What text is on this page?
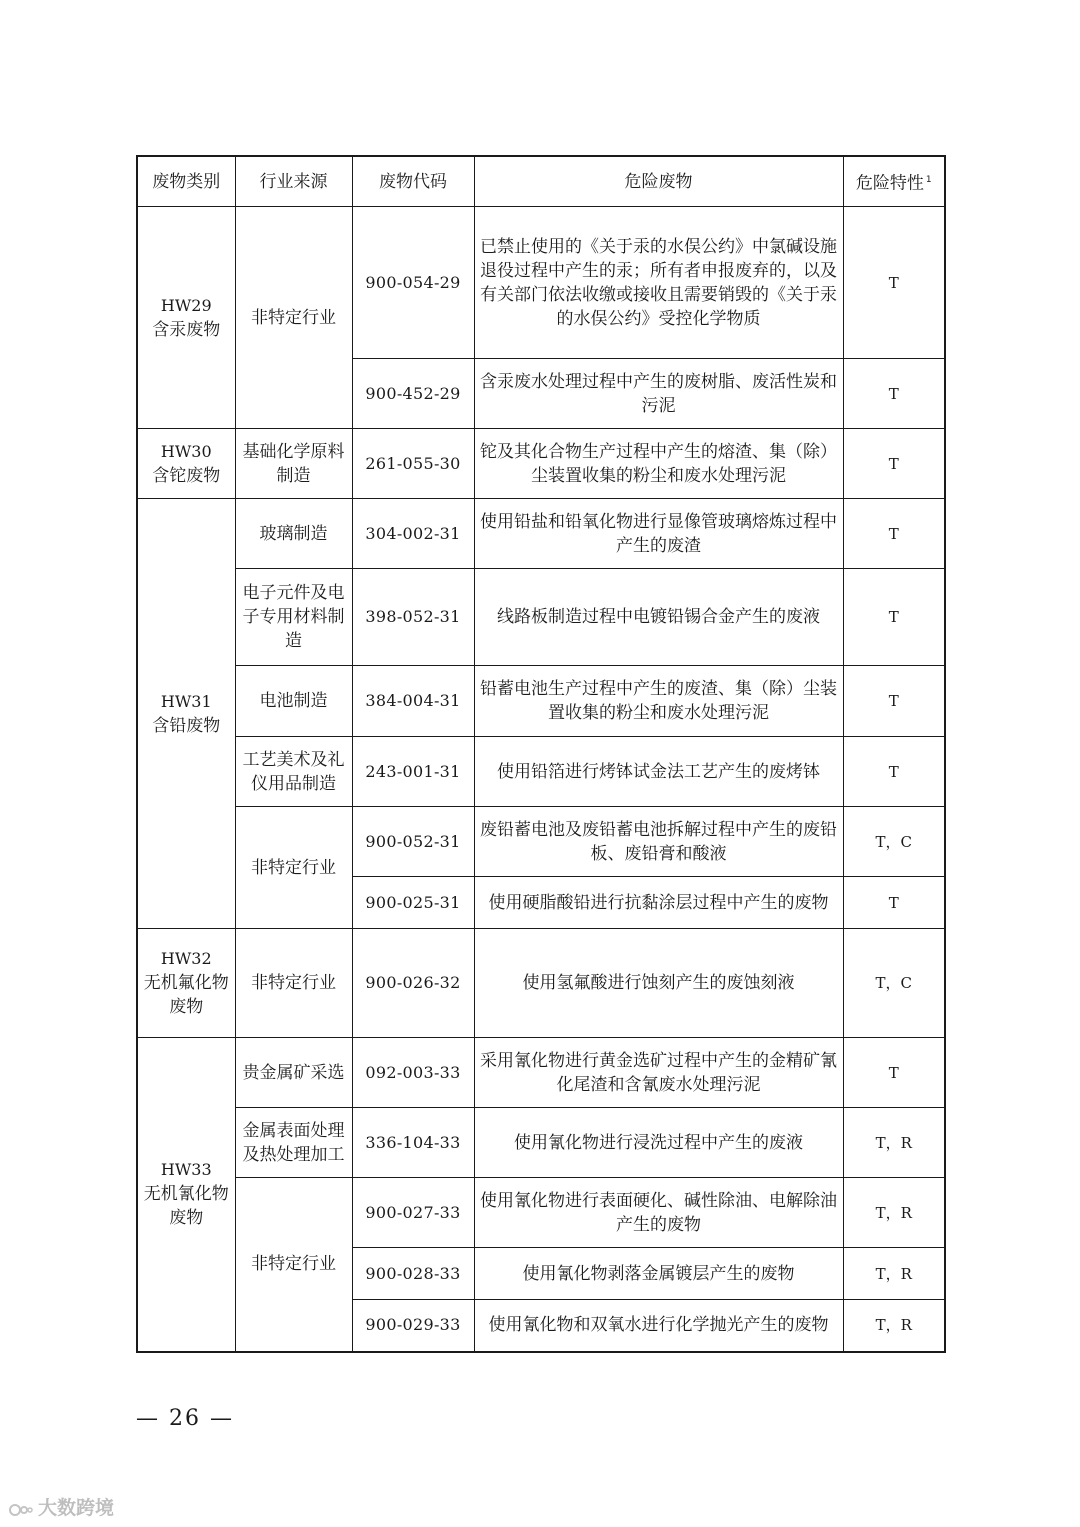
废物类别	行业来源	废物代码	危险废物	危险特性 $^1$

HW29
含汞废物	非特定行业	900-054-29	已禁止使用的《关于汞的水俣公约》中氯碱设施退役过程中产生的汞；所有者申报废弃的，以及有关部门依法收缴或接收且需要销毁的《关于汞的水俣公约》受控化学物质	T
		900-452-29	含汞废水处理过程中产生的废树脂、废活性炭和污泥	T

HW30
含铊废物	基础化学原料制造	261-055-30	铊及其化合物生产过程中产生的熔渣、集（除）尘装置收集的粉尘和废水处理污泥	T

HW31
含铅废物	玻璃制造	304-002-31	使用铅盐和铅氧化物进行显像管玻璃熔炼过程中产生的废渣	T
	电子元件及电子专用材料制造	398-052-31	线路板制造过程中电镀铅锡合金产生的废液	T
	电池制造	384-004-31	铅蓄电池生产过程中产生的废渣、集（除）尘装置收集的粉尘和废水处理污泥	T
	工艺美术及礼仪用品制造	243-001-31	使用铅箔进行烤钵试金法工艺产生的废烤钵	T
	非特定行业	900-052-31	废铅蓄电池及废铅蓄电池拆解过程中产生的废铅板、废铅膏和酸液	T，C
		900-025-31	使用硬脂酸铅进行抗黏涂层过程中产生的废物	T

HW32
无机氟化物废物	非特定行业	900-026-32	使用氢氟酸进行蚀刻产生的废蚀刻液	T，C

HW33
无机氰化物废物	贵金属矿采选	092-003-33	采用氰化物进行黄金选矿过程中产生的金精矿氰化尾渣和含氰废水处理污泥	T
	金属表面处理及热处理加工	336-104-33	使用氰化物进行浸洗过程中产生的废液	T，R
	非特定行业	900-027-33	使用氰化物进行表面硬化、碱性除油、电解除油产生的废物	T，R
		900-028-33	使用氰化物剥落金属镀层产生的废物	T，R
		900-029-33	使用氰化物和双氧水进行化学抛光产生的废物	T，R
— 26 —
大数跨境
